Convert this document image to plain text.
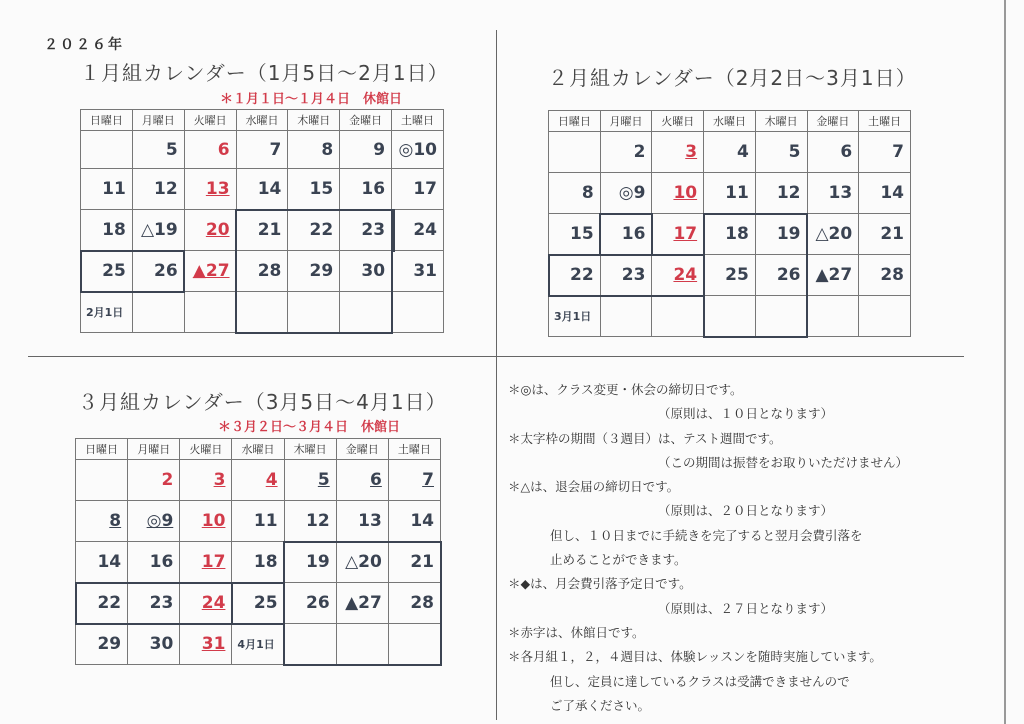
２０２６年
１月組カレンダー（1月5日～2月1日）
＊１月１日～１月４日　休館日
日曜日	月曜日	火曜日	水曜日	木曜日	金曜日	土曜日
	5	6	7	8	9	◎10
11	12	13	14	15	16	17
18	△19	20	21	22	23	24
25	26	▲27	28	29	30	31
2月1日						
２月組カレンダー（2月2日～3月1日）
日曜日	月曜日	火曜日	水曜日	木曜日	金曜日	土曜日
	2	3	4	5	6	7
8	◎9	10	11	12	13	14
15	16	17	18	19	△20	21
22	23	24	25	26	▲27	28
3月1日						
３月組カレンダー（3月5日～4月1日）
＊３月２日～３月４日　休館日
日曜日	月曜日	火曜日	水曜日	木曜日	金曜日	土曜日
	2	3	4	5	6	7
8	◎9	10	11	12	13	14
14	16	17	18	19	△20	21
22	23	24	25	26	▲27	28
29	30	31	4月1日			
＊◎は、クラス変更・休会の締切日です。
（原則は、１０日となります）
＊太字枠の期間（３週目）は、テスト週間です。
（この期間は振替をお取りいただけません）
＊△は、退会届の締切日です。
（原則は、２０日となります）
但し、１０日までに手続きを完了すると翌月会費引落を
止めることができます。
＊◆は、月会費引落予定日です。
（原則は、２７日となります）
＊赤字は、休館日です。
＊各月組１，２，４週目は、体験レッスンを随時実施しています。
但し、定員に達しているクラスは受講できませんので
ご了承ください。
